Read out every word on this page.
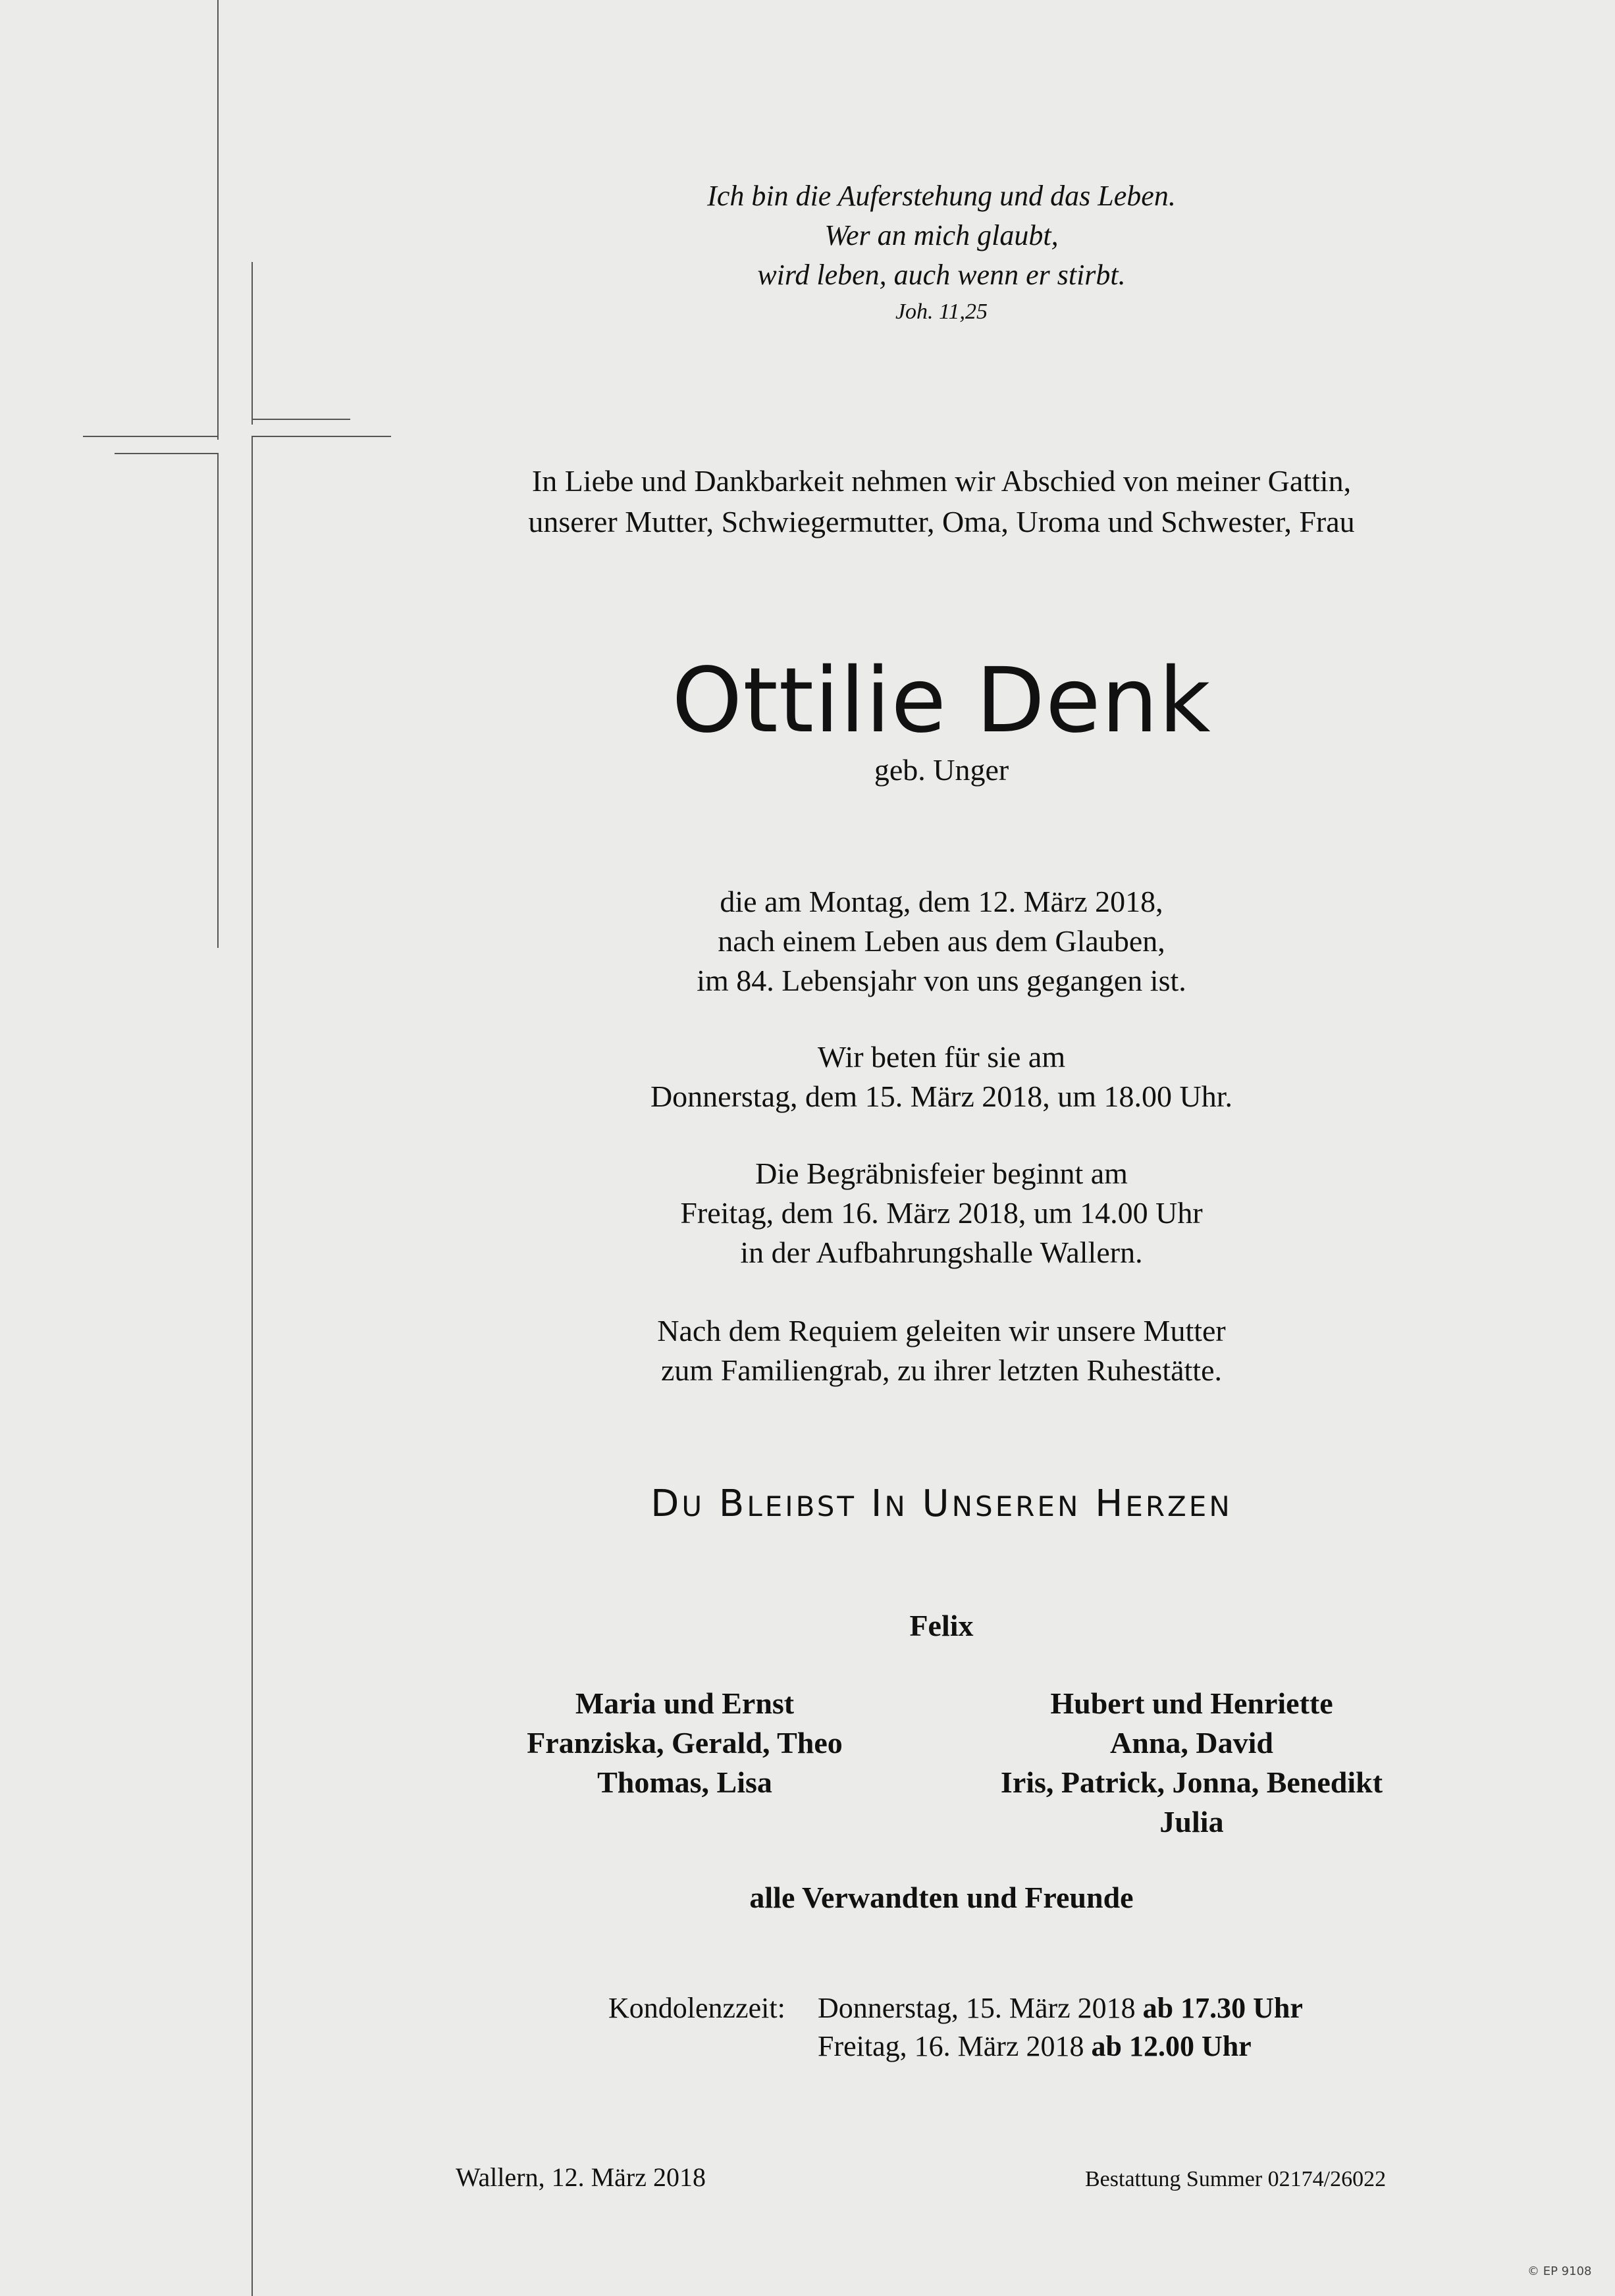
Ich bin die Auferstehung und das Leben.
Wer an mich glaubt,
wird leben, auch wenn er stirbt.
Joh. 11,25
In Liebe und Dankbarkeit nehmen wir Abschied von meiner Gattin,
unserer Mutter, Schwiegermutter, Oma, Uroma und Schwester, Frau
Ottilie Denk
geb. Unger
die am Montag, dem 12. März 2018,
nach einem Leben aus dem Glauben,
im 84. Lebensjahr von uns gegangen ist.
Wir beten für sie am
Donnerstag, dem 15. März 2018, um 18.00 Uhr.
Die Begräbnisfeier beginnt am
Freitag, dem 16. März 2018, um 14.00 Uhr
in der Aufbahrungshalle Wallern.
Nach dem Requiem geleiten wir unsere Mutter
zum Familiengrab, zu ihrer letzten Ruhestätte.
DU BLEIBST IN UNSEREN HERZEN
Felix
Maria und Ernst
Franziska, Gerald, Theo
Thomas, Lisa
Hubert und Henriette
Anna, David
Iris, Patrick, Jonna, Benedikt
Julia
alle Verwandten und Freunde
Kondolenzzeit: Donnerstag, 15. März 2018 ab 17.30 Uhr
Freitag, 16. März 2018 ab 12.00 Uhr
Wallern, 12. März 2018	Bestattung Summer 02174/26022
© EP 9108
